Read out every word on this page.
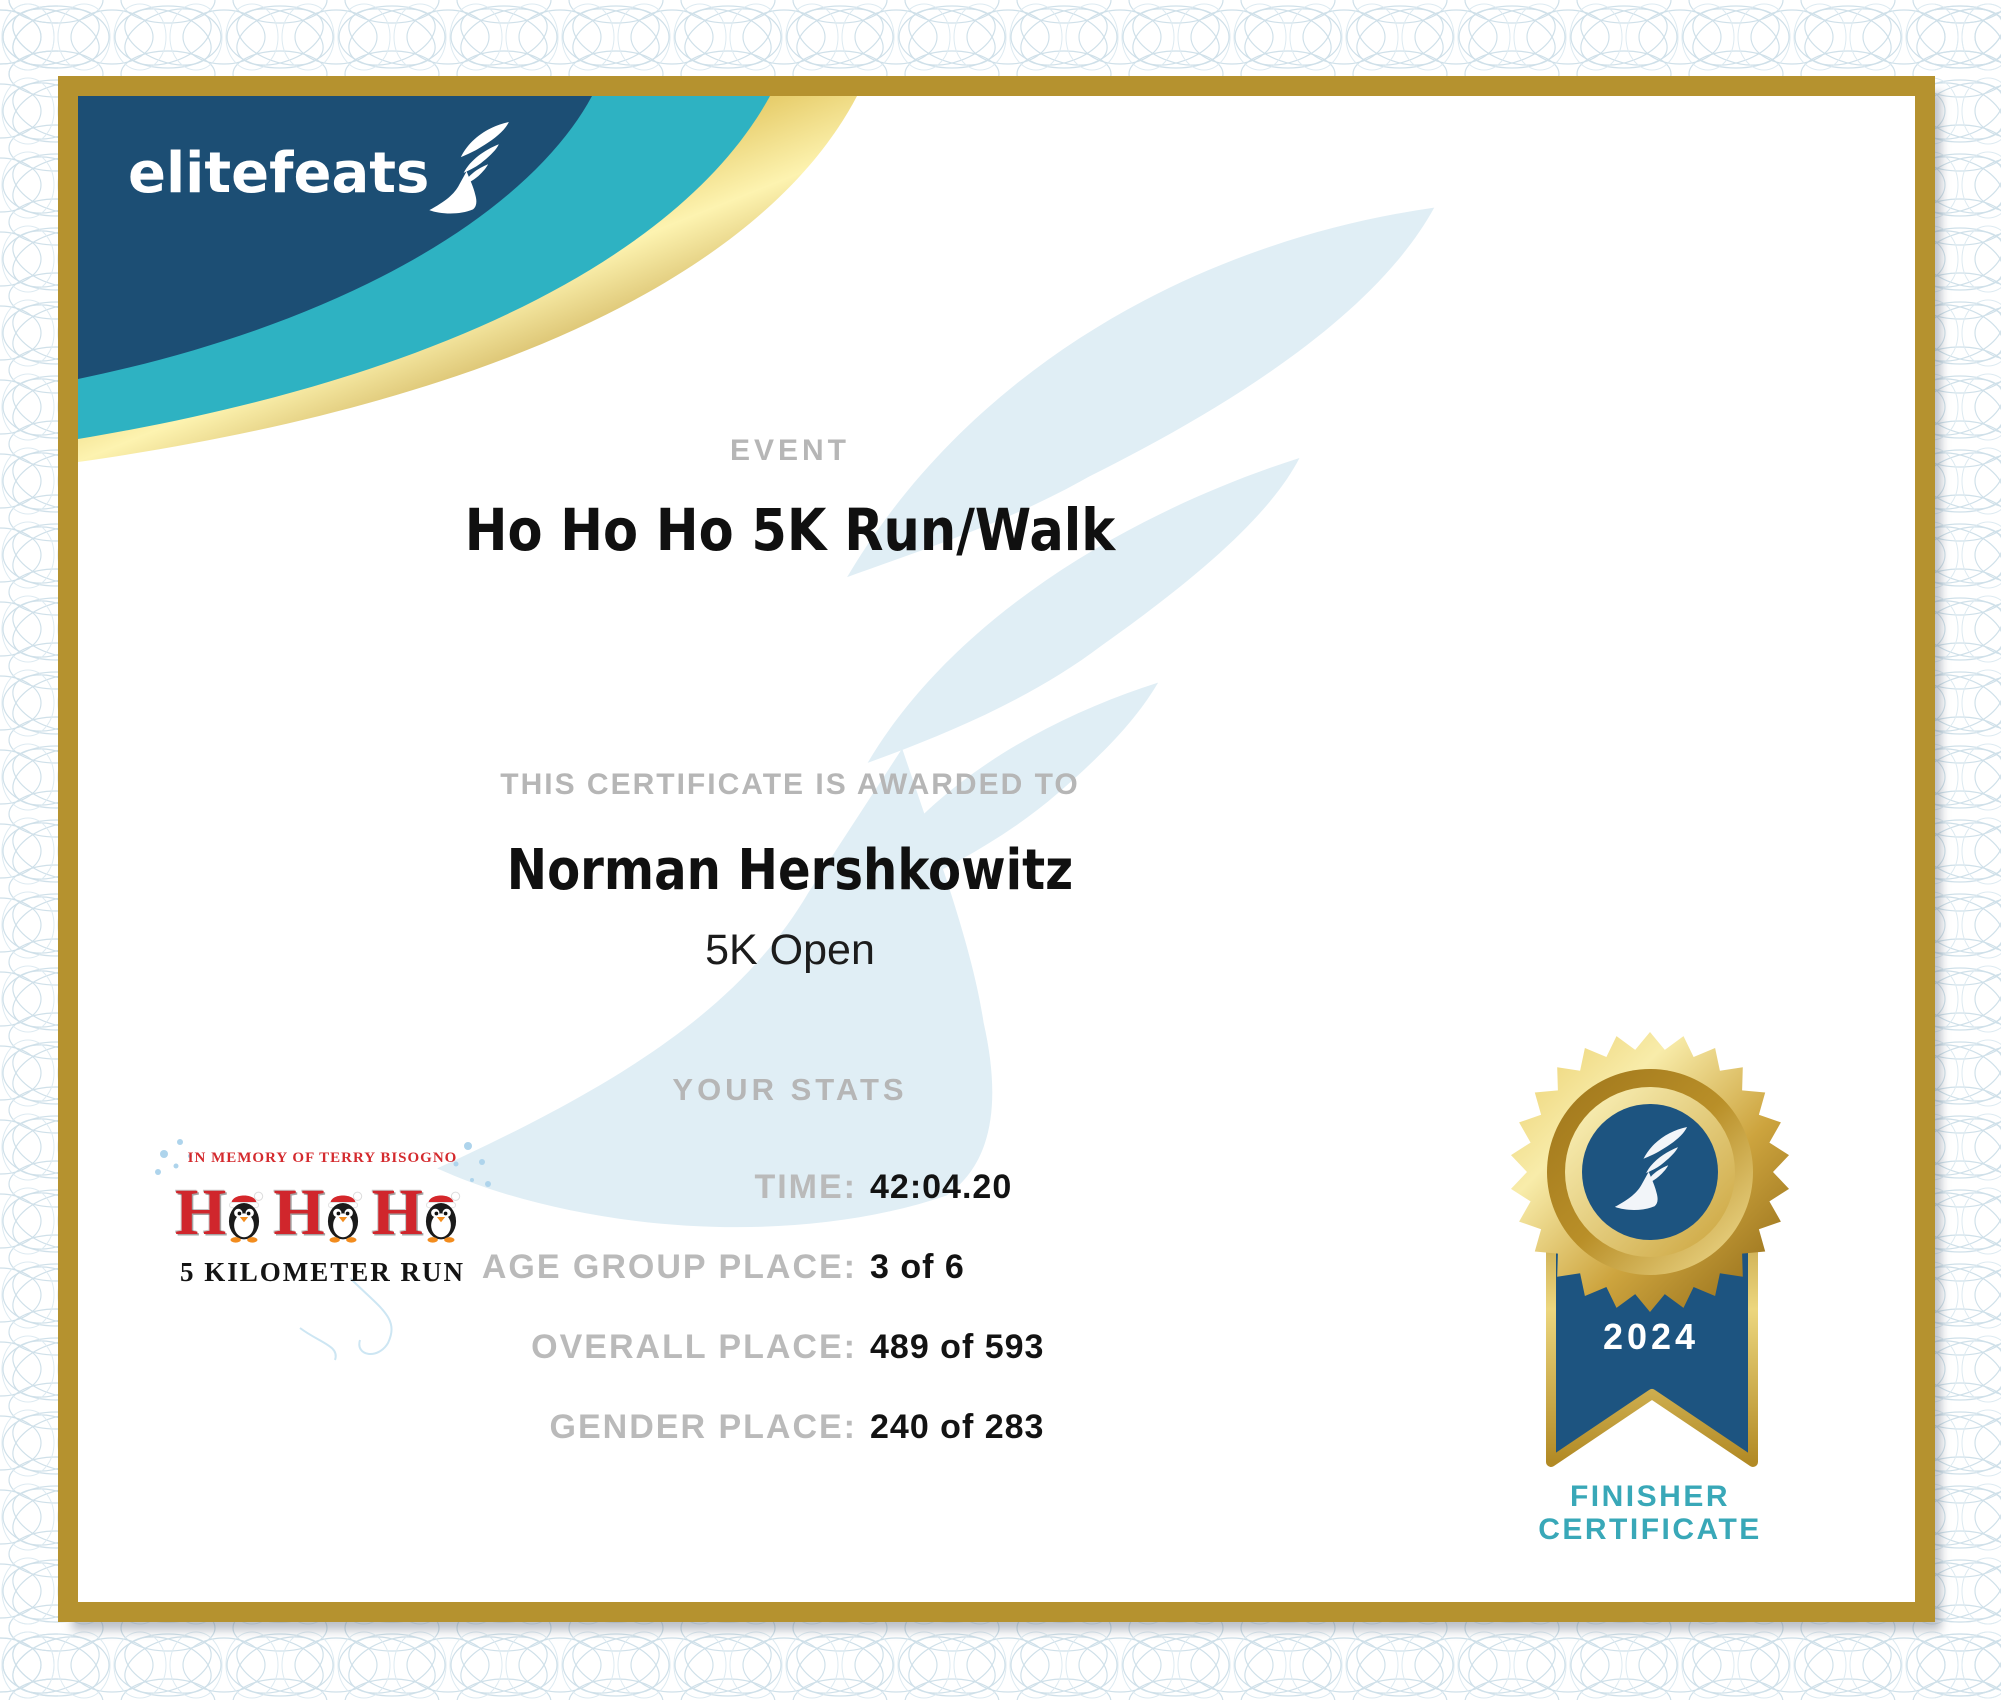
elitefeats
EVENT
Ho Ho Ho 5K Run/Walk
THIS CERTIFICATE IS AWARDED TO
Norman Hershkowitz
5K Open
YOUR STATS
TIME: 42:04.20
AGE GROUP PLACE: 3 of 6
OVERALL PLACE: 489 of 593
GENDER PLACE: 240 of 283
IN MEMORY OF TERRY BISOGNO
H H H
5 KILOMETER RUN
2024
FINISHER
CERTIFICATE
